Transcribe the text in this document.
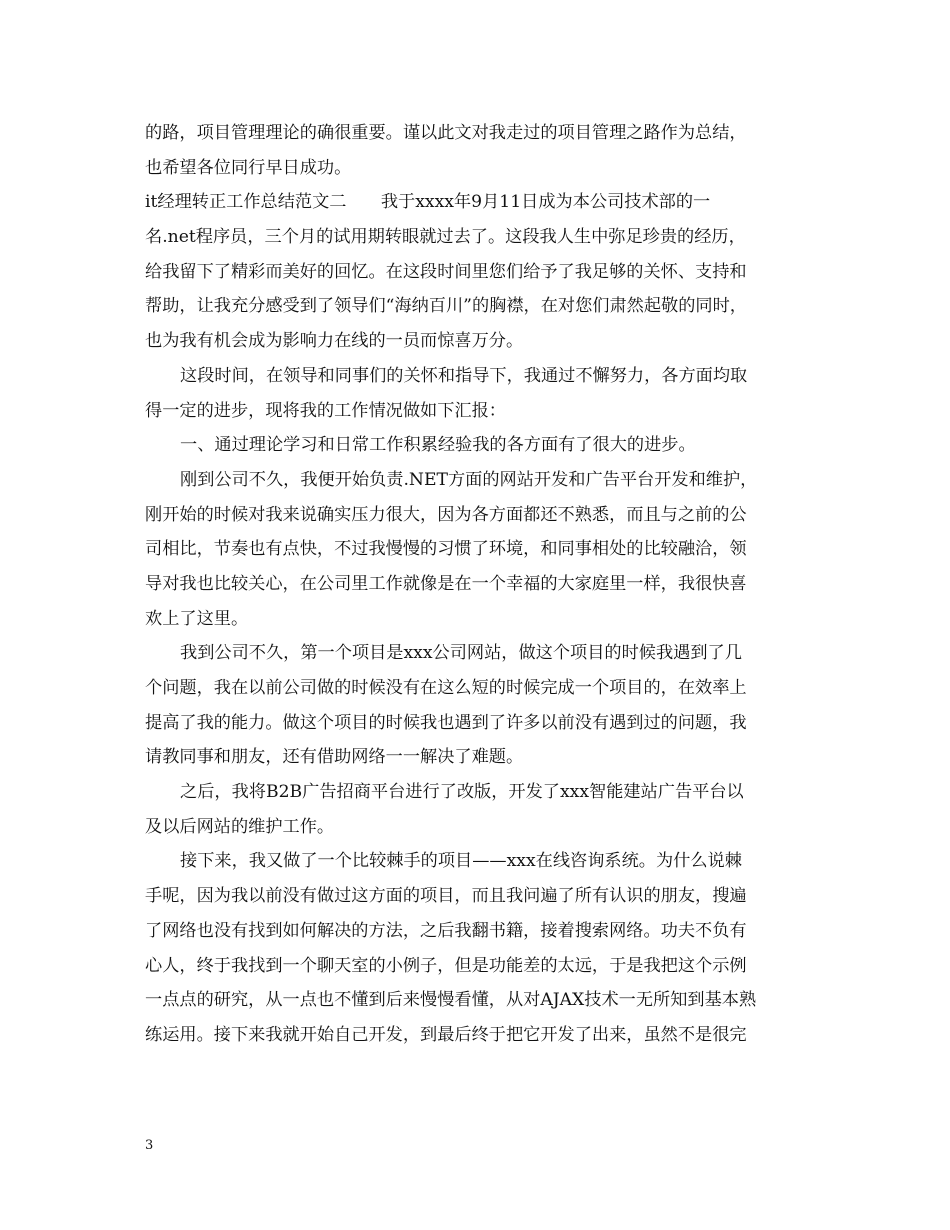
的路，项目管理理论的确很重要。谨以此文对我走过的项目管理之路作为总结，
也希望各位同行早日成功。
it经理转正工作总结范文二　　我于xxxx年9月11日成为本公司技术部的一
名.net程序员，三个月的试用期转眼就过去了。这段我人生中弥足珍贵的经历，
给我留下了精彩而美好的回忆。在这段时间里您们给予了我足够的关怀、支持和
帮助，让我充分感受到了领导们“海纳百川”的胸襟，在对您们肃然起敬的同时，
也为我有机会成为影响力在线的一员而惊喜万分。
这段时间，在领导和同事们的关怀和指导下，我通过不懈努力，各方面均取
得一定的进步，现将我的工作情况做如下汇报：
一、通过理论学习和日常工作积累经验我的各方面有了很大的进步。
刚到公司不久，我便开始负责.NET方面的网站开发和广告平台开发和维护，
刚开始的时候对我来说确实压力很大，因为各方面都还不熟悉，而且与之前的公
司相比，节奏也有点快，不过我慢慢的习惯了环境，和同事相处的比较融洽，领
导对我也比较关心，在公司里工作就像是在一个幸福的大家庭里一样，我很快喜
欢上了这里。
我到公司不久，第一个项目是xxx公司网站，做这个项目的时候我遇到了几
个问题，我在以前公司做的时候没有在这么短的时候完成一个项目的，在效率上
提高了我的能力。做这个项目的时候我也遇到了许多以前没有遇到过的问题，我
请教同事和朋友，还有借助网络一一解决了难题。
之后，我将B2B广告招商平台进行了改版，开发了xxx智能建站广告平台以
及以后网站的维护工作。
接下来，我又做了一个比较棘手的项目——xxx在线咨询系统。为什么说棘
手呢，因为我以前没有做过这方面的项目，而且我问遍了所有认识的朋友，搜遍
了网络也没有找到如何解决的方法，之后我翻书籍，接着搜索网络。功夫不负有
心人，终于我找到一个聊天室的小例子，但是功能差的太远，于是我把这个示例
一点点的研究，从一点也不懂到后来慢慢看懂，从对AJAX技术一无所知到基本熟
练运用。接下来我就开始自己开发，到最后终于把它开发了出来，虽然不是很完
3
